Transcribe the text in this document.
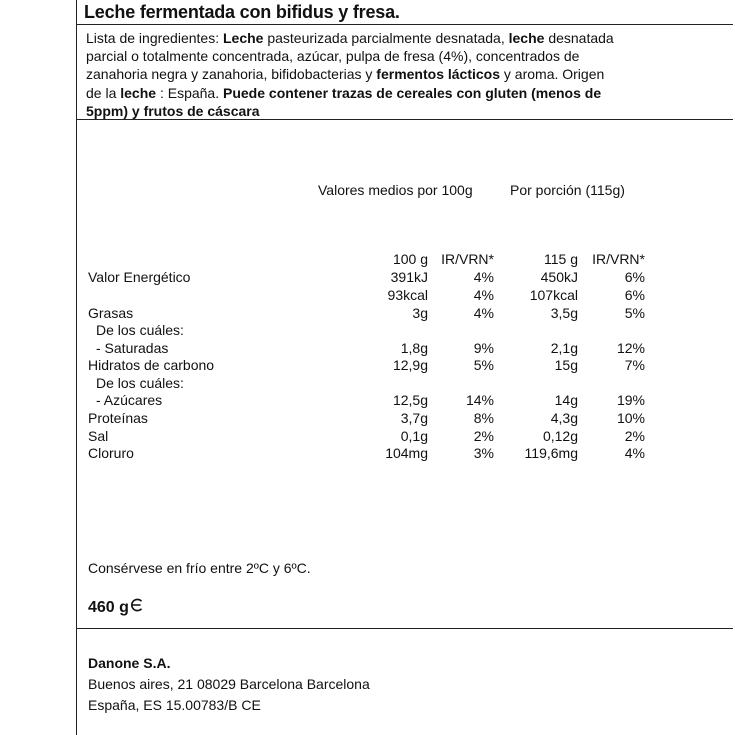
Leche fermentada con bifidus y fresa.

Lista de ingredientes: Leche pasteurizada parcialmente desnatada, leche desnatada parcial o totalmente concentrada, azúcar, pulpa de fresa (4%), concentrados de zanahoria negra y zanahoria, bifidobacterias y fermentos lácticos y aroma. Origen de la leche : España. Puede contener trazas de cereales con gluten (menos de 5ppm) y frutos de cáscara

Valores medios por 100g	Por porción (115g)
100 g IR/VRN*	115 g IR/VRN*
Valor Energético	391kJ	4%	450kJ	6%
93kcal	4%	107kcal	6%
Grasas	3g	4%	3,5g	5%
De los cuáles:
- Saturadas	1,8g	9%	2,1g	12%
Hidratos de carbono	12,9g	5%	15g	7%
De los cuáles:
- Azúcares	12,5g	14%	14g	19%
Proteínas	3,7g	8%	4,3g	10%
Sal	0,1g	2%	0,12g	2%
Cloruro	104mg	3% 119,6mg	4%
Consérvese en frío entre 2ºC y 6ºC.
460 g
Danone S.A.
Buenos aires, 21 08029 Barcelona Barcelona
España, ES 15.00783/B CE
